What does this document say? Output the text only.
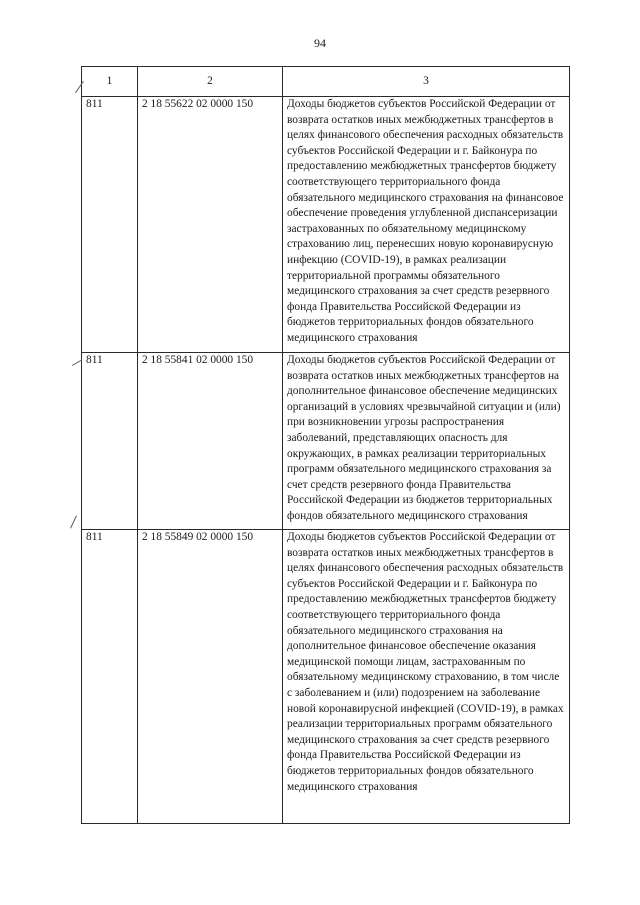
94
1	2	3
811	2 18 55622 02 0000 150	Доходы бюджетов субъектов Российской Федерации от возврата остатков иных межбюджетных трансфертов в целях финансового обеспечения расходных обязательств субъектов Российской Федерации и г. Байконура по предоставлению межбюджетных трансфертов бюджету соответствующего территориального фонда обязательного медицинского страхования на финансовое обеспечение проведения углубленной диспансеризации застрахованных по обязательному медицинскому страхованию лиц, перенесших новую коронавирусную инфекцию (COVID-19), в рамках реализации территориальной программы обязательного медицинского страхования за счет средств резервного фонда Правительства Российской Федерации из бюджетов территориальных фондов обязательного медицинского страхования
811	2 18 55841 02 0000 150	Доходы бюджетов субъектов Российской Федерации от возврата остатков иных межбюджетных трансфертов на дополнительное финансовое обеспечение медицинских организаций в условиях чрезвычайной ситуации и (или) при возникновении угрозы распространения заболеваний, представляющих опасность для окружающих, в рамках реализации территориальных программ обязательного медицинского страхования за счет средств резервного фонда Правительства Российской Федерации из бюджетов территориальных фондов обязательного медицинского страхования
811	2 18 55849 02 0000 150	Доходы бюджетов субъектов Российской Федерации от возврата остатков иных межбюджетных трансфертов в целях финансового обеспечения расходных обязательств субъектов Российской Федерации и г. Байконура по предоставлению межбюджетных трансфертов бюджету соответствующего территориального фонда обязательного медицинского страхования на дополнительное финансовое обеспечение оказания медицинской помощи лицам, застрахованным по обязательному медицинскому страхованию, в том числе с заболеванием и (или) подозрением на заболевание новой коронавирусной инфекцией (COVID-19), в рамках реализации территориальных программ обязательного медицинского страхования за счет средств резервного фонда Правительства Российской Федерации из бюджетов территориальных фондов обязательного медицинского страхования
